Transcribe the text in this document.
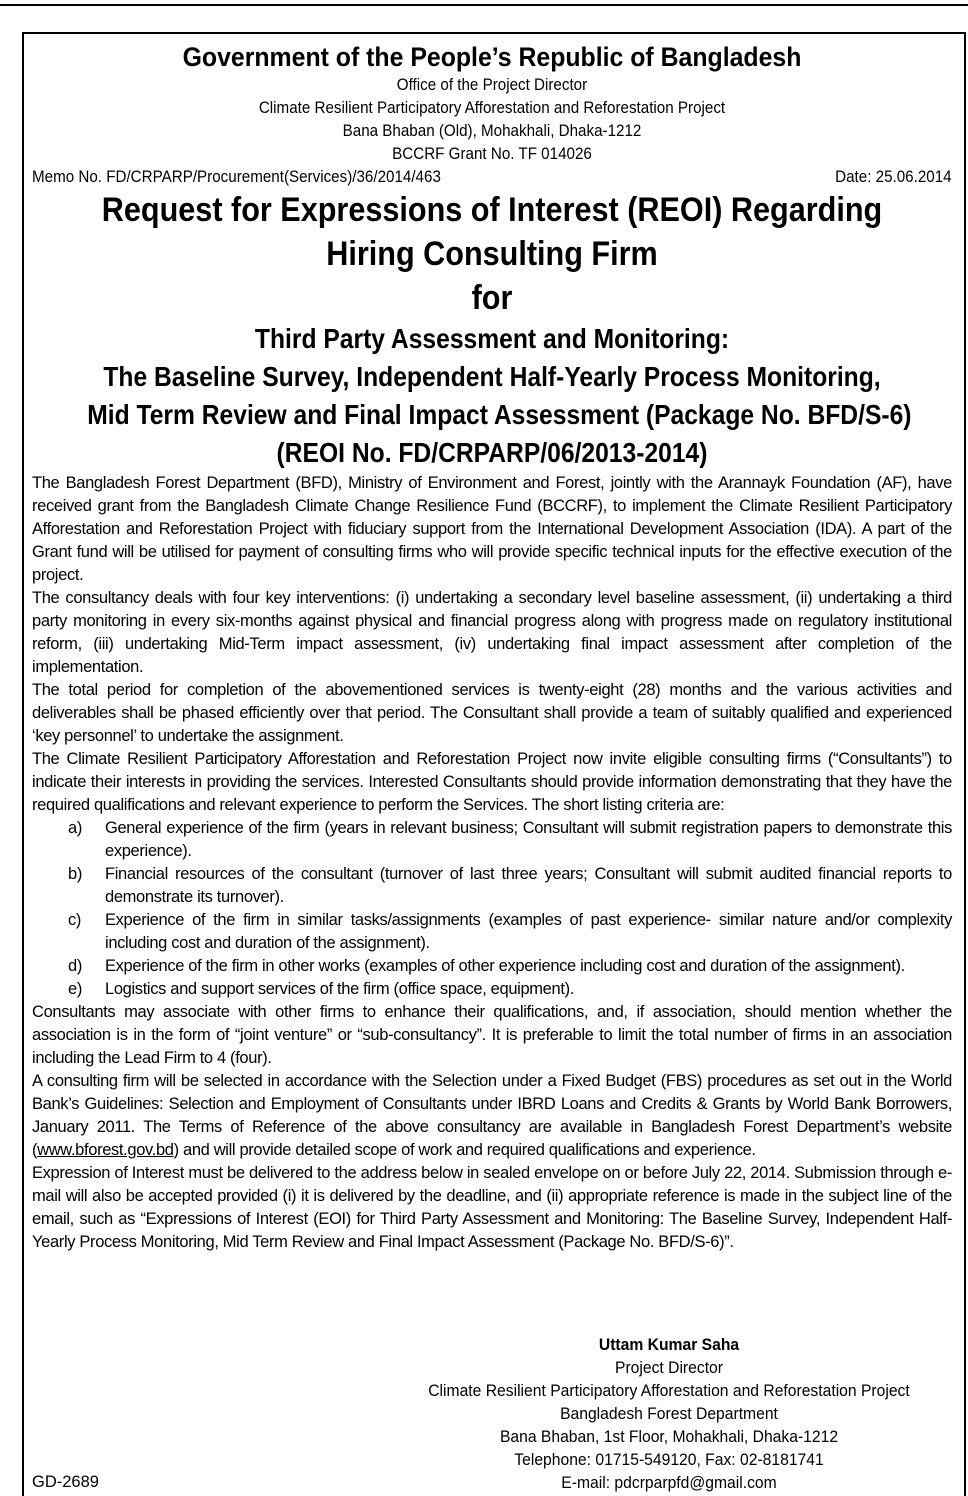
Government of the People’s Republic of Bangladesh
Office of the Project Director
Climate Resilient Participatory Afforestation and Reforestation Project
Bana Bhaban (Old), Mohakhali, Dhaka-1212
BCCRF Grant No. TF 014026
Memo No. FD/CRPARP/Procurement(Services)/36/2014/463	Date: 25.06.2014
Request for Expressions of Interest (REOI) Regarding
Hiring Consulting Firm
for
Third Party Assessment and Monitoring:
The Baseline Survey, Independent Half-Yearly Process Monitoring,
Mid Term Review and Final Impact Assessment (Package No. BFD/S-6)
(REOI No. FD/CRPARP/06/2013-2014)

The Bangladesh Forest Department (BFD), Ministry of Environment and Forest, jointly with the Arannayk Foundation (AF), have received grant from the Bangladesh Climate Change Resilience Fund (BCCRF), to implement the Climate Resilient Participatory Afforestation and Reforestation Project with fiduciary support from the International Development Association (IDA). A part of the Grant fund will be utilised for payment of consulting firms who will provide specific technical inputs for the effective execution of the project.

The consultancy deals with four key interventions: (i) undertaking a secondary level baseline assessment, (ii) undertaking a third party monitoring in every six-months against physical and financial progress along with progress made on regulatory institutional reform, (iii) undertaking Mid-Term impact assessment, (iv) undertaking final impact assessment after completion of the implementation.

The total period for completion of the abovementioned services is twenty-eight (28) months and the various activities and deliverables shall be phased efficiently over that period. The Consultant shall provide a team of suitably qualified and experienced ‘key personnel’ to undertake the assignment.

The Climate Resilient Participatory Afforestation and Reforestation Project now invite eligible consulting firms (“Consultants”) to indicate their interests in providing the services. Interested Consultants should provide information demonstrating that they have the required qualifications and relevant experience to perform the Services. The short listing criteria are:

a)	General experience of the firm (years in relevant business; Consultant will submit registration papers to demonstrate this experience).
b)	Financial resources of the consultant (turnover of last three years; Consultant will submit audited financial reports to demonstrate its turnover).
c)	Experience of the firm in similar tasks/assignments (examples of past experience- similar nature and/or complexity including cost and duration of the assignment).
d)	Experience of the firm in other works (examples of other experience including cost and duration of the assignment).
e)	Logistics and support services of the firm (office space, equipment).

Consultants may associate with other firms to enhance their qualifications, and, if association, should mention whether the association is in the form of “joint venture” or “sub-consultancy”. It is preferable to limit the total number of firms in an association including the Lead Firm to 4 (four).

A consulting firm will be selected in accordance with the Selection under a Fixed Budget (FBS) procedures as set out in the World Bank’s Guidelines: Selection and Employment of Consultants under IBRD Loans and Credits & Grants by World Bank Borrowers, January 2011. The Terms of Reference of the above consultancy are available in Bangladesh Forest Department’s website (www.bforest.gov.bd) and will provide detailed scope of work and required qualifications and experience.

Expression of Interest must be delivered to the address below in sealed envelope on or before July 22, 2014. Submission through e-mail will also be accepted provided (i) it is delivered by the deadline, and (ii) appropriate reference is made in the subject line of the email, such as “Expressions of Interest (EOI) for Third Party Assessment and Monitoring: The Baseline Survey, Independent Half-Yearly Process Monitoring, Mid Term Review and Final Impact Assessment (Package No. BFD/S-6)”.

Uttam Kumar Saha
Project Director
Climate Resilient Participatory Afforestation and Reforestation Project
Bangladesh Forest Department
Bana Bhaban, 1st Floor, Mohakhali, Dhaka-1212
Telephone: 01715-549120, Fax: 02-8181741
E-mail: pdcrparpfd@gmail.com
GD-2689
